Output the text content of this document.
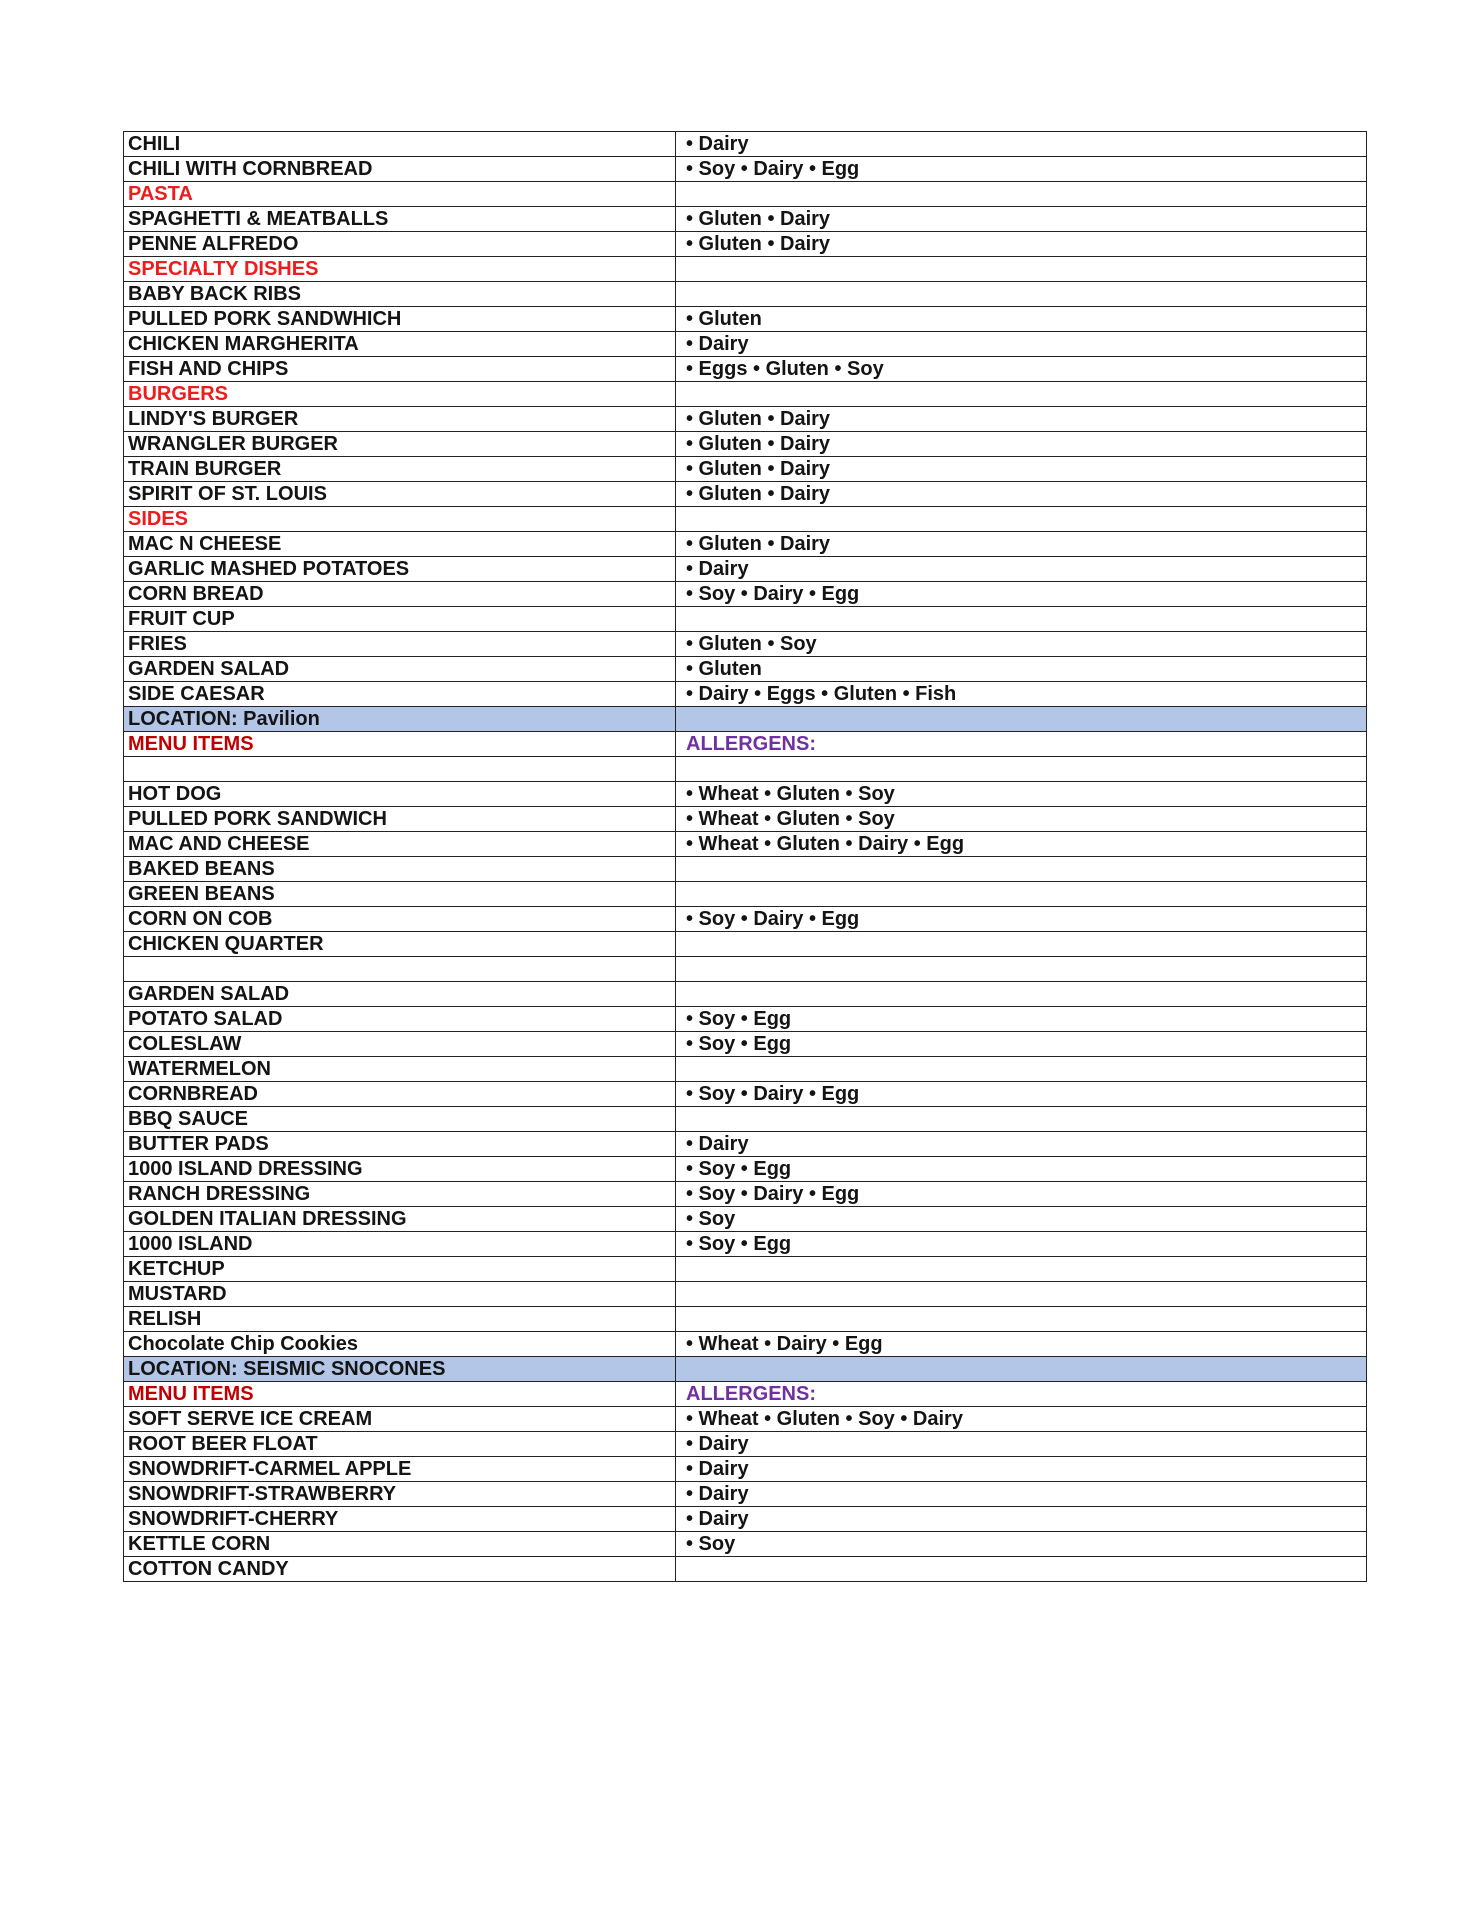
CHILI	• Dairy
CHILI WITH CORNBREAD	• Soy • Dairy • Egg
PASTA	
SPAGHETTI & MEATBALLS	• Gluten • Dairy
PENNE ALFREDO	• Gluten • Dairy
SPECIALTY DISHES	
BABY BACK RIBS	
PULLED PORK SANDWHICH	• Gluten
CHICKEN MARGHERITA	• Dairy
FISH AND CHIPS	• Eggs • Gluten • Soy
BURGERS	
LINDY'S BURGER	• Gluten • Dairy
WRANGLER BURGER	• Gluten • Dairy
TRAIN BURGER	• Gluten • Dairy
SPIRIT OF ST. LOUIS	• Gluten • Dairy
SIDES	
MAC N CHEESE	• Gluten • Dairy
GARLIC MASHED POTATOES	• Dairy
CORN BREAD	• Soy • Dairy • Egg
FRUIT CUP	
FRIES	• Gluten • Soy
GARDEN SALAD	• Gluten
SIDE CAESAR	• Dairy • Eggs • Gluten • Fish
LOCATION: Pavilion	
MENU ITEMS	ALLERGENS:

HOT DOG	• Wheat • Gluten • Soy
PULLED PORK SANDWICH	• Wheat • Gluten • Soy
MAC AND CHEESE	• Wheat • Gluten • Dairy • Egg
BAKED BEANS	
GREEN BEANS	
CORN ON COB	• Soy • Dairy • Egg
CHICKEN QUARTER	

GARDEN SALAD	
POTATO SALAD	• Soy • Egg
COLESLAW	• Soy • Egg
WATERMELON	
CORNBREAD	• Soy • Dairy • Egg
BBQ SAUCE	
BUTTER PADS	• Dairy
1000 ISLAND DRESSING	• Soy • Egg
RANCH DRESSING	• Soy • Dairy • Egg
GOLDEN ITALIAN DRESSING	• Soy
1000 ISLAND	• Soy • Egg
KETCHUP	
MUSTARD	
RELISH	
Chocolate Chip Cookies	• Wheat • Dairy • Egg
LOCATION: SEISMIC SNOCONES	
MENU ITEMS	ALLERGENS:
SOFT SERVE ICE CREAM	• Wheat • Gluten • Soy • Dairy
ROOT BEER FLOAT	• Dairy
SNOWDRIFT-CARMEL APPLE	• Dairy
SNOWDRIFT-STRAWBERRY	• Dairy
SNOWDRIFT-CHERRY	• Dairy
KETTLE CORN	• Soy
COTTON CANDY	
